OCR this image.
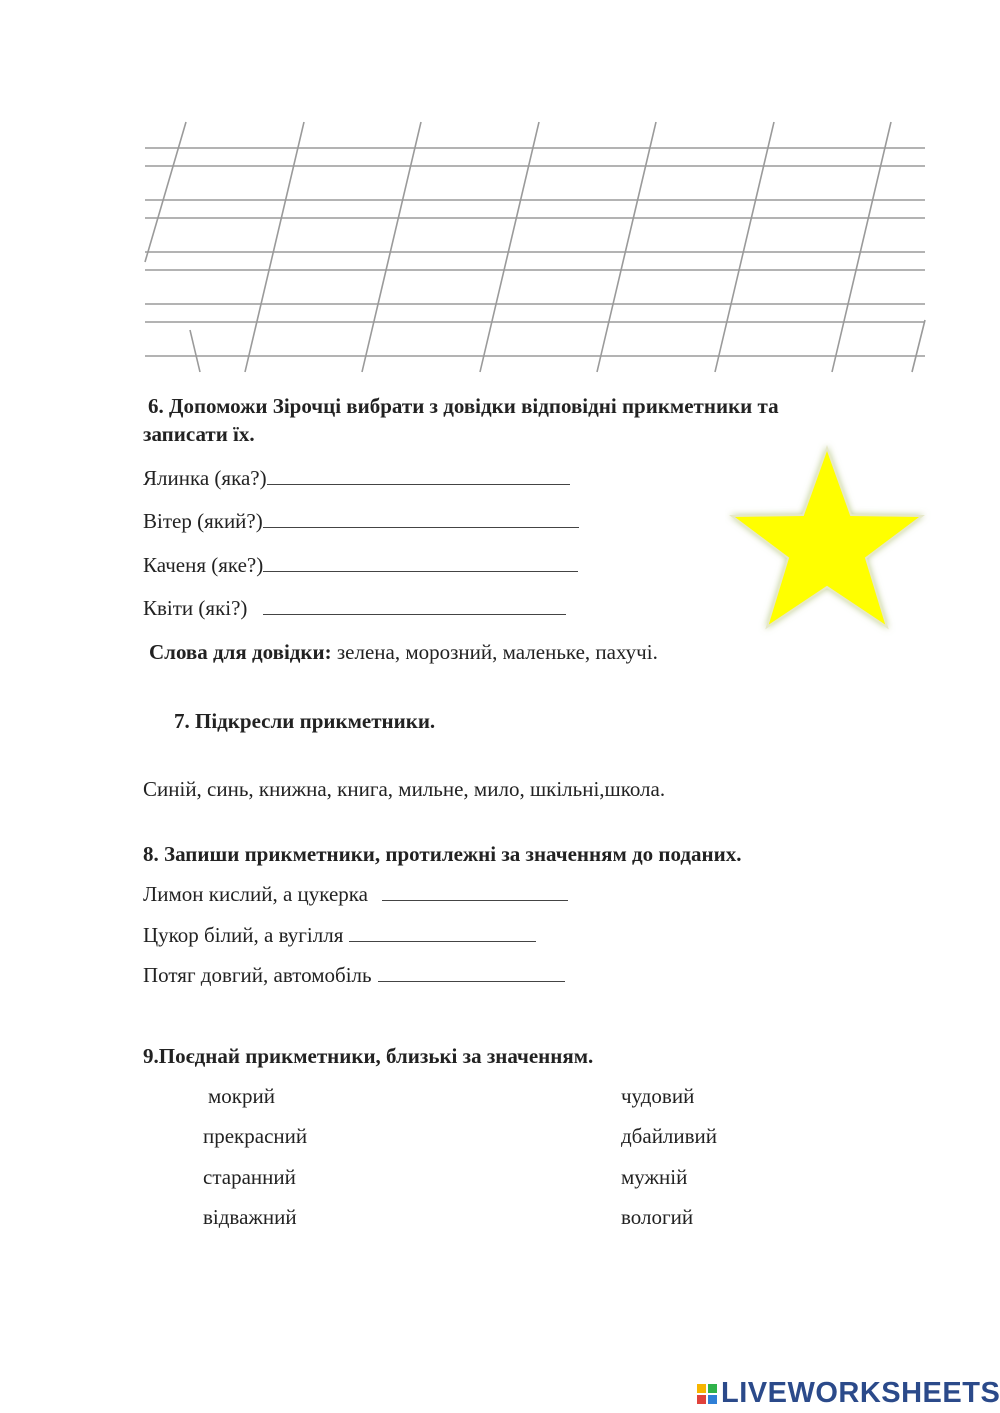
6. Допоможи Зірочці вибрати з довідки відповідні прикметники та
записати їх.
Ялинка (яка?)
Вітер (який?)
Каченя (яке?)
Квіти (які?)
Слова для довідки: зелена, морозний, маленьке, пахучі.
7. Підкресли прикметники.
Синій, синь, книжна, книга, мильне, мило, шкільні,школа.
8. Запиши прикметники, протилежні за значенням до поданих.
Лимон кислий, а цукерка
Цукор білий, а вугілля
Потяг довгий, автомобіль
9.Поєднай прикметники, близькі за значенням.
мокрий
прекрасний
старанний
відважний
чудовий
дбайливий
мужній
вологий
LIVEWORKSHEETS
